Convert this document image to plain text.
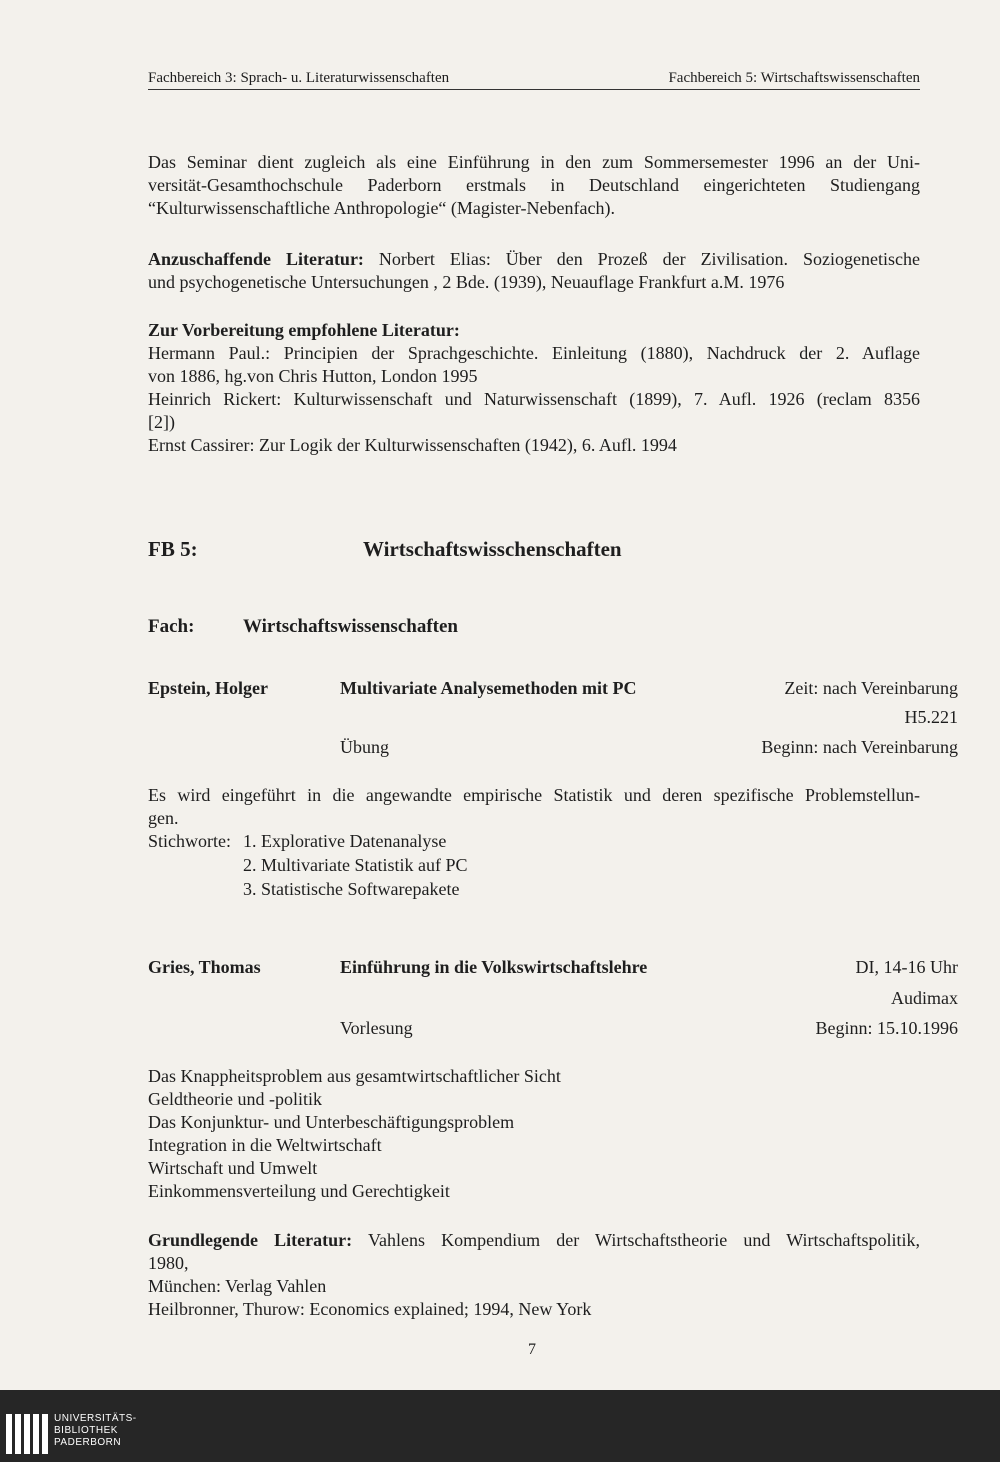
Fachbereich 3: Sprach- u. Literaturwissenschaften	Fachbereich 5: Wirtschaftswissenschaften
Das Seminar dient zugleich als eine Einführung in den zum Sommersemester 1996 an der Uni-
versität-Gesamthochschule Paderborn erstmals in Deutschland eingerichteten Studiengang
“Kulturwissenschaftliche Anthropologie“ (Magister-Nebenfach).
Anzuschaffende Literatur: Norbert Elias: Über den Prozeß der Zivilisation. Soziogenetische
und psychogenetische Untersuchungen , 2 Bde. (1939), Neuauflage Frankfurt a.M. 1976
Zur Vorbereitung empfohlene Literatur:
Hermann Paul.: Principien der Sprachgeschichte. Einleitung (1880), Nachdruck der 2. Auflage
von 1886, hg.von Chris Hutton, London 1995
Heinrich Rickert: Kulturwissenschaft und Naturwissenschaft (1899), 7. Aufl. 1926 (reclam 8356
[2])
Ernst Cassirer: Zur Logik der Kulturwissenschaften (1942), 6. Aufl. 1994
FB 5:	Wirtschaftswisschenschaften
Fach:	Wirtschaftswissenschaften
Epstein, Holger	Multivariate Analysemethoden mit PC	Zeit: nach Vereinbarung
H5.221
Übung	Beginn: nach Vereinbarung
Es wird eingeführt in die angewandte empirische Statistik und deren spezifische Problemstellun-
gen.
Stichworte: 1. Explorative Datenanalyse
2. Multivariate Statistik auf PC
3. Statistische Softwarepakete
Gries, Thomas	Einführung in die Volkswirtschaftslehre	DI, 14-16 Uhr
Audimax
Vorlesung	Beginn: 15.10.1996
Das Knappheitsproblem aus gesamtwirtschaftlicher Sicht
Geldtheorie und -politik
Das Konjunktur- und Unterbeschäftigungsproblem
Integration in die Weltwirtschaft
Wirtschaft und Umwelt
Einkommensverteilung und Gerechtigkeit
Grundlegende Literatur: Vahlens Kompendium der Wirtschaftstheorie und Wirtschaftspolitik,
1980,
München: Verlag Vahlen
Heilbronner, Thurow: Economics explained; 1994, New York
7
UNIVERSITÄTS-
BIBLIOTHEK
PADERBORN
